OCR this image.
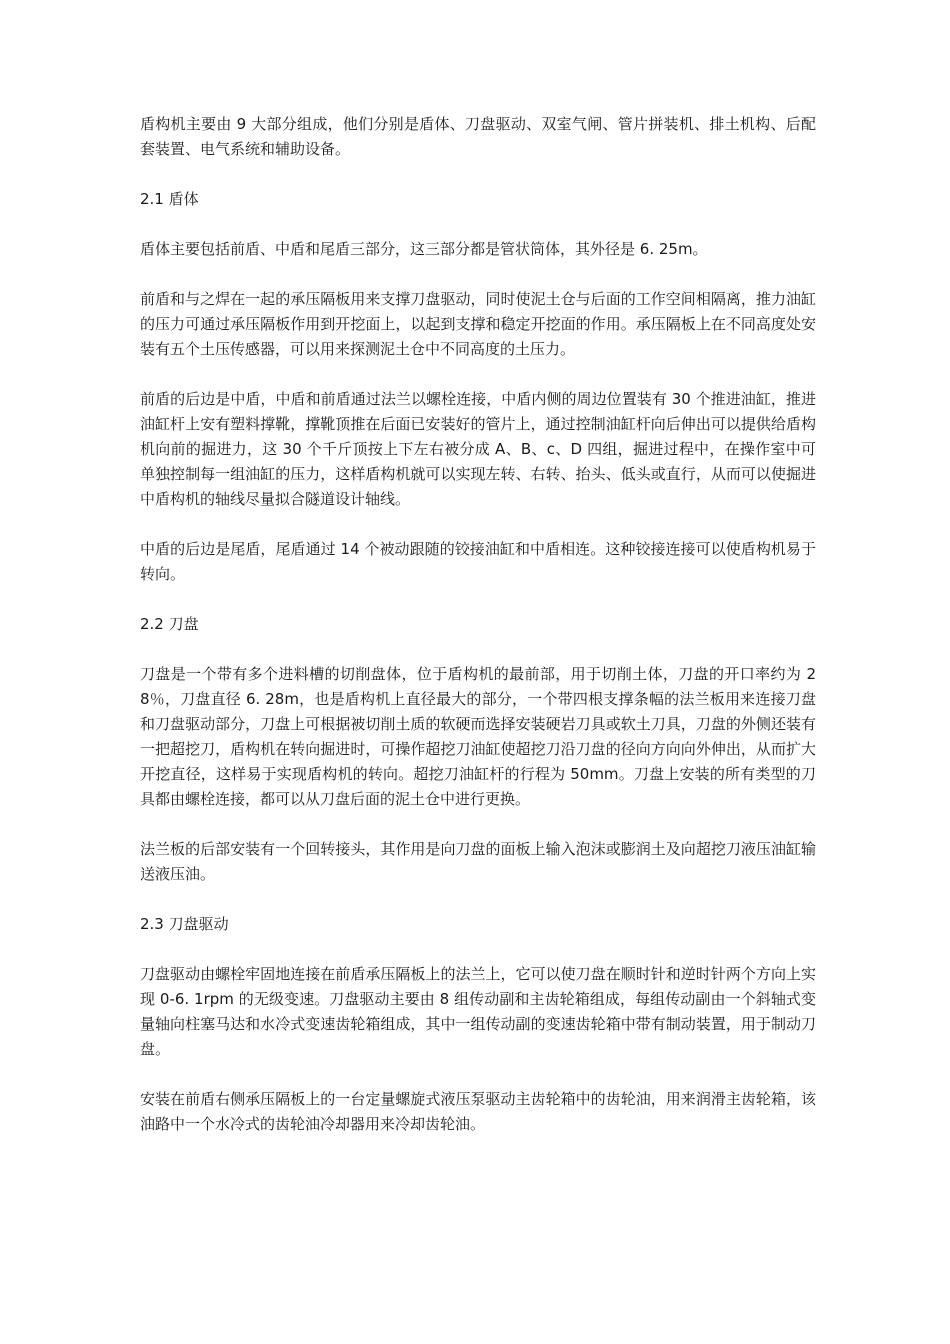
盾构机主要由 9 大部分组成，他们分别是盾体、刀盘驱动、双室气闸、管片拼装机、排土机构、后配套装置、电气系统和辅助设备。

2.1 盾体

盾体主要包括前盾、中盾和尾盾三部分，这三部分都是管状筒体，其外径是 6. 25m。

前盾和与之焊在一起的承压隔板用来支撑刀盘驱动，同时使泥土仓与后面的工作空间相隔离，推力油缸的压力可通过承压隔板作用到开挖面上，以起到支撑和稳定开挖面的作用。承压隔板上在不同高度处安装有五个土压传感器，可以用来探测泥土仓中不同高度的土压力。

前盾的后边是中盾，中盾和前盾通过法兰以螺栓连接，中盾内侧的周边位置装有 30 个推进油缸，推进油缸杆上安有塑料撑靴，撑靴顶推在后面已安装好的管片上，通过控制油缸杆向后伸出可以提供给盾构机向前的掘进力，这 30 个千斤顶按上下左右被分成 A、B、c、D 四组，掘进过程中，在操作室中可单独控制每一组油缸的压力，这样盾构机就可以实现左转、右转、抬头、低头或直行，从而可以使掘进中盾构机的轴线尽量拟合隧道设计轴线。

中盾的后边是尾盾，尾盾通过 14 个被动跟随的铰接油缸和中盾相连。这种铰接连接可以使盾构机易于转向。

2.2 刀盘

刀盘是一个带有多个进料槽的切削盘体，位于盾构机的最前部，用于切削土体，刀盘的开口率约为 28％，刀盘直径 6. 28m，也是盾构机上直径最大的部分，一个带四根支撑条幅的法兰板用来连接刀盘和刀盘驱动部分，刀盘上可根据被切削土质的软硬而选择安装硬岩刀具或软土刀具，刀盘的外侧还装有一把超挖刀，盾构机在转向掘进时，可操作超挖刀油缸使超挖刀沿刀盘的径向方向向外伸出，从而扩大开挖直径，这样易于实现盾构机的转向。超挖刀油缸杆的行程为 50mm。刀盘上安装的所有类型的刀具都由螺栓连接，都可以从刀盘后面的泥土仓中进行更换。

法兰板的后部安装有一个回转接头，其作用是向刀盘的面板上输入泡沫或膨润土及向超挖刀液压油缸输送液压油。

2.3 刀盘驱动

刀盘驱动由螺栓牢固地连接在前盾承压隔板上的法兰上，它可以使刀盘在顺时针和逆时针两个方向上实现 0-6. 1rpm 的无级变速。刀盘驱动主要由 8 组传动副和主齿轮箱组成，每组传动副由一个斜轴式变量轴向柱塞马达和水冷式变速齿轮箱组成，其中一组传动副的变速齿轮箱中带有制动装置，用于制动刀盘。

安装在前盾右侧承压隔板上的一台定量螺旋式液压泵驱动主齿轮箱中的齿轮油，用来润滑主齿轮箱，该油路中一个水冷式的齿轮油冷却器用来冷却齿轮油。
